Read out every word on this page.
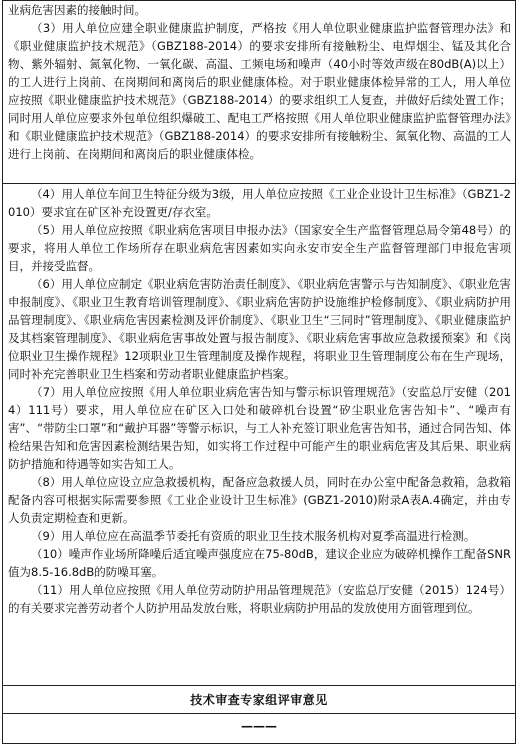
业病危害因素的接触时间。

（3）用人单位应建全职业健康监护制度，严格按《用人单位职业健康监护监督管理办法》和《职业健康监护技术规范》（GBZ188-2014）的要求安排所有接触粉尘、电焊烟尘、锰及其化合物、紫外辐射、氮氧化物、一氧化碳、高温、工频电场和噪声（40小时等效声级在80dB(A)以上）的工人进行上岗前、在岗期间和离岗后的职业健康体检。对于职业健康体检异常的工人，用人单位应按照《职业健康监护技术规范》（GBZ188-2014）的要求组织工人复查，并做好后续处置工作；同时用人单位应要求外包单位组织爆破工、配电工严格按照《用人单位职业健康监护监督管理办法》和《职业健康监护技术规范》（GBZ188-2014）的要求安排所有接触粉尘、氮氧化物、高温的工人进行上岗前、在岗期间和离岗后的职业健康体检。

（4）用人单位车间卫生特征分级为3级，用人单位应按照《工业企业设计卫生标准》（GBZ1-2010）要求宜在矿区补充设置更/存衣室。

（5）用人单位应按照《职业病危害项目申报办法》（国家安全生产监督管理总局令第48号）的要求，将用人单位工作场所存在职业病危害因素如实向永安市安全生产监督管理部门申报危害项目，并接受监督。

（6）用人单位应制定《职业病危害防治责任制度》、《职业病危害警示与告知制度》、《职业危害申报制度》、《职业卫生教育培训管理制度》、《职业病危害防护设施维护检修制度》、《职业病防护用品管理制度》、《职业病危害因素检测及评价制度》、《职业卫生“三同时”管理制度》、《职业健康监护及其档案管理制度》、《职业病危害事故处置与报告制度》、《职业病危害事故应急救援预案》和《岗位职业卫生操作规程》12项职业卫生管理制度及操作规程，将职业卫生管理制度公布在生产现场，同时补充完善职业卫生档案和劳动者职业健康监护档案。

（7）用人单位应按照《用人单位职业病危害告知与警示标识管理规范》（安监总厅安健（2014）111号）要求，用人单位应在矿区入口处和破碎机台设置“矽尘职业危害告知卡”、“噪声有害”、“带防尘口罩”和“戴护耳器”等警示标识，与工人补充签订职业危害告知书，通过合同告知、体检结果告知和危害因素检测结果告知，如实将工作过程中可能产生的职业病危害及其后果、职业病防护措施和待遇等如实告知工人。

（8）用人单位应设立应急救援机构，配备应急救援人员，同时在办公室中配备急救箱，急救箱配备内容可根据实际需要参照《工业企业设计卫生标准》(GBZ1-2010)附录A表A.4确定，并由专人负责定期检查和更新。

（9）用人单位应在高温季节委托有资质的职业卫生技术服务机构对夏季高温进行检测。

（10）噪声作业场所降噪后适宜噪声强度应在75-80dB，建议企业应为破碎机操作工配备SNR值为8.5-16.8dB的防噪耳塞。

（11）用人单位应按照《用人单位劳动防护用品管理规范》（安监总厅安健（2015）124号）的有关要求完善劳动者个人防护用品发放台账，将职业病防护用品的发放使用方面管理到位。

技术审查专家组评审意见
———
